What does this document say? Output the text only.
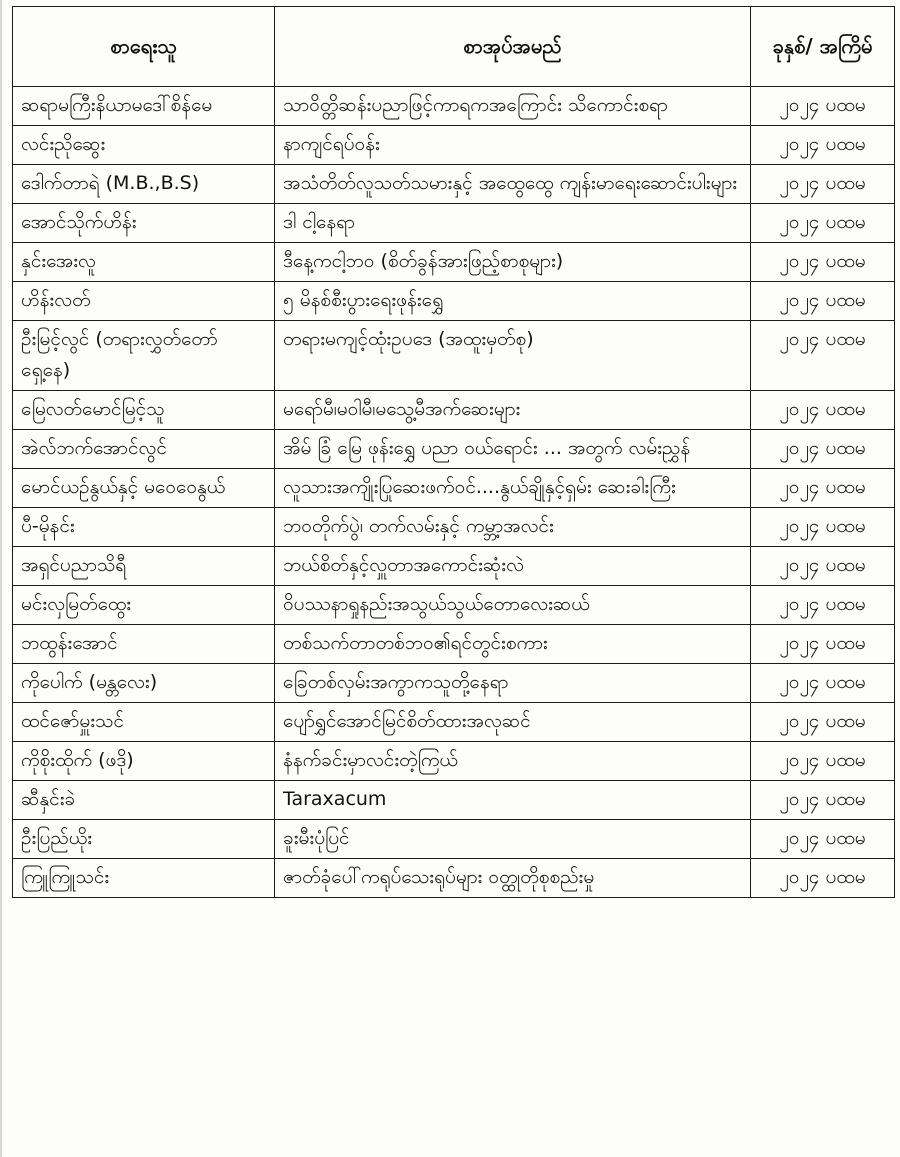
စာရေးသူ	စာအုပ်အမည်	ခုနှစ်/ အကြိမ်
ဆရာမကြီးနိယာမဒေါ်စိန်မေ	သာဝိတ္တိဆန်းပညာဖြင့်ကာရကအကြောင်း သိကောင်းစရာ	၂၀၂၄ ပထမ
လင်းညိုဆွေး	နာကျင်ရပ်ဝန်း	၂၀၂၄ ပထမ
ဒေါက်တာရဲ (M.B.,B.S)	အသံတိတ်လူသတ်သမားနှင့် အထွေထွေ ကျန်းမာရေးဆောင်းပါးများ	၂၀၂၄ ပထမ
အောင်သိုက်ဟိန်း	ဒါ ငါ့နေရာ	၂၀၂၄ ပထမ
နှင်းအေးလူ	ဒီနေ့ကငါ့ဘဝ (စိတ်ခွန်အားဖြည့်စာစုများ)	၂၀၂၄ ပထမ
ဟိန်းလတ်	၅ မိနစ်စီးပွားရေးဖုန်းရွှေ	၂၀၂၄ ပထမ
ဦးမြင့်လွင် (တရားလွှတ်တော်ရှေ့နေ)	တရားမကျင့်ထုံးဥပဒေ (အထူးမှတ်စု)	၂၀၂၄ ပထမ
မြေလတ်မောင်မြင့်သူ	မရော်မီ၊မဝါမီ၊မသွေ့မီအက်ဆေးများ	၂၀၂၄ ပထမ
အဲလ်ဘက်အောင်လွင်	အိမ် ခြံ မြေ ဖုန်းရွှေ ပညာ ဝယ်ရောင်း ... အတွက် လမ်းညွှန်	၂၀၂၄ ပထမ
မောင်ယဉ်နွယ်နှင့် မဝေဝေနွယ်	လူသားအကျိုးပြုဆေးဖက်ဝင်....နွယ်ချိုနှင့်ရှမ်း ဆေးခါးကြီး	၂၀၂၄ ပထမ
ပီ-မိုနင်း	ဘဝတိုက်ပွဲ၊ တက်လမ်းနှင့် ကမ္ဘာ့အလင်း	၂၀၂၄ ပထမ
အရှင်ပညာသိရီ	ဘယ်စိတ်နှင့်လှူတာအကောင်းဆုံးလဲ	၂၀၂၄ ပထမ
မင်းလှမြတ်ထွေး	ဝိပဿနာရှုနည်းအသွယ်သွယ်တောလေးဆယ်	၂၀၂၄ ပထမ
ဘထွန်းအောင်	တစ်သက်တာတစ်ဘဝ၏ရင်တွင်းစကား	၂၀၂၄ ပထမ
ကိုပေါက် (မန္တလေး)	ခြေတစ်လှမ်းအကွာကသူတို့နေရာ	၂၀၂၄ ပထမ
ထင်ဇော်မှူးသင်	ပျော်ရွှင်အောင်မြင်စိတ်ထားအလုဆင်	၂၀၂၄ ပထမ
ကိုစိုးထိုက် (ဖဒို)	နံနက်ခင်းမှာလင်းတဲ့ကြယ်	၂၀၂၄ ပထမ
ဆီနှင်းခဲ	Taraxacum	၂၀၂၄ ပထမ
ဦးပြည်ယိုး	ခူးမီးပုံပြင်	၂၀၂၄ ပထမ
ကြူကြူသင်း	ဇာတ်ခုံပေါ်ကရုပ်သေးရုပ်များ ဝတ္ထုတိုစုစည်းမှု	၂၀၂၄ ပထမ
